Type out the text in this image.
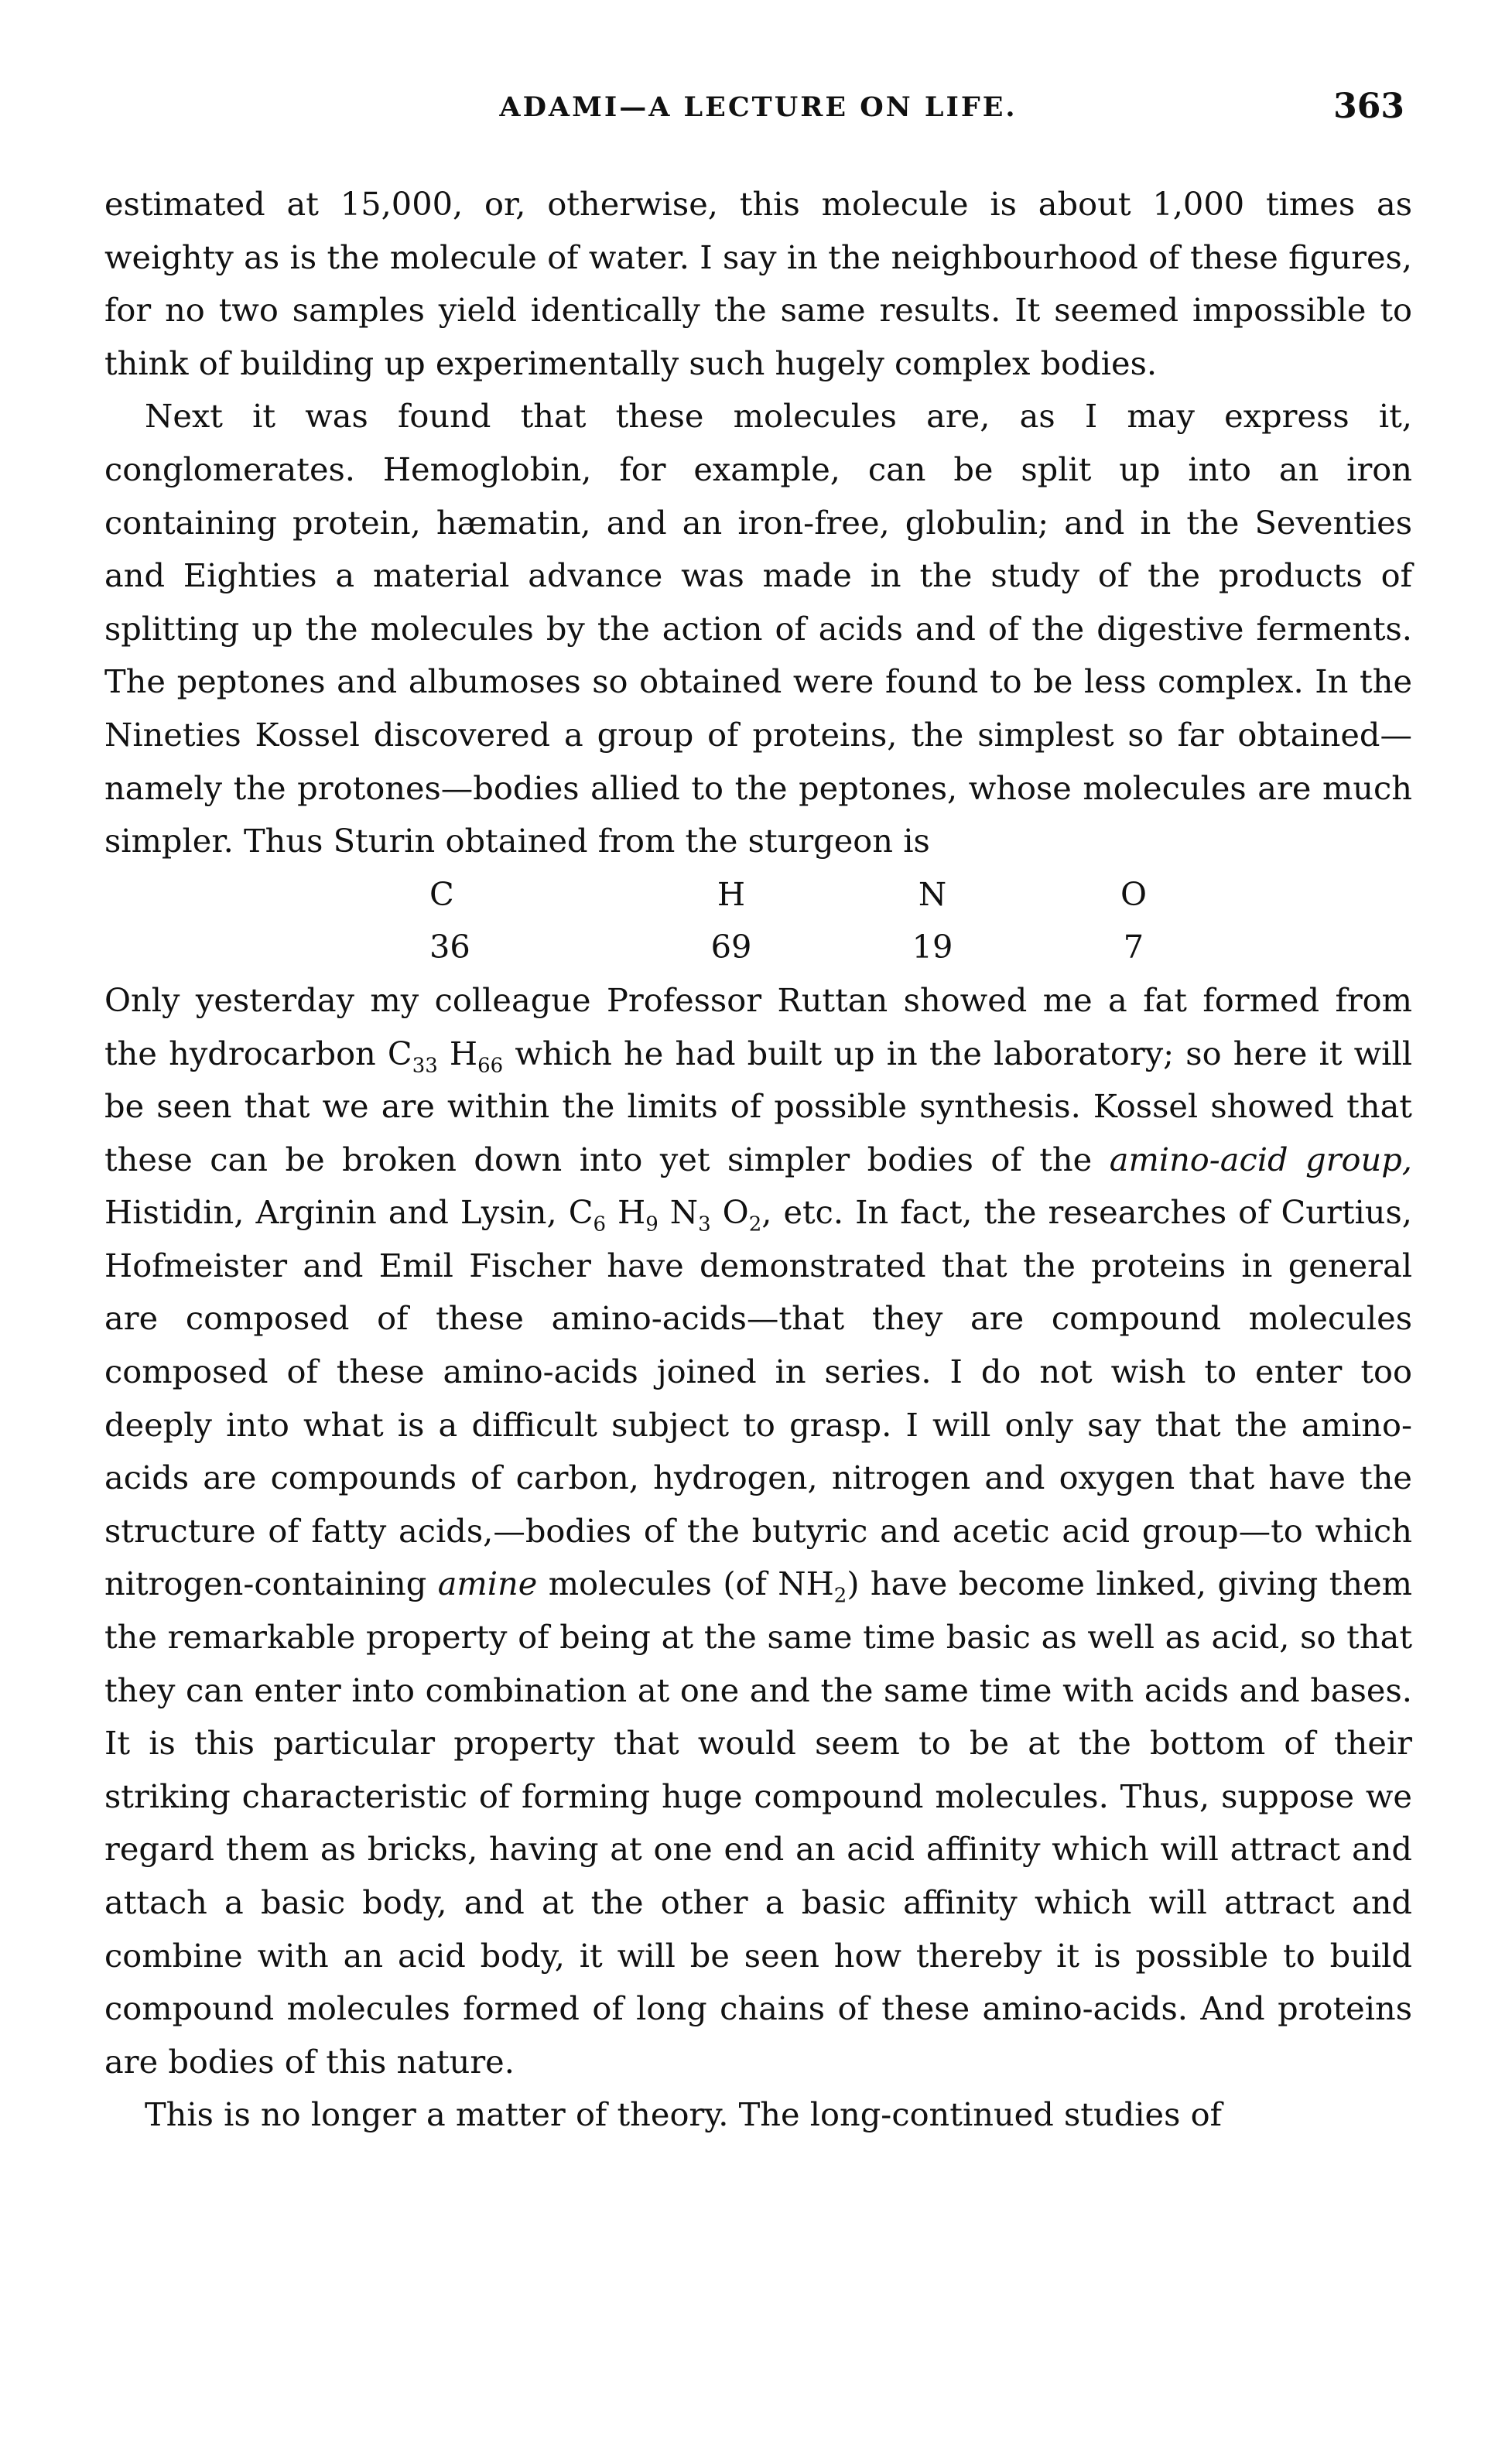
ADAMI—A LECTURE ON LIFE.	363

estimated at 15,000, or, otherwise, this molecule is about 1,000 times as weighty as is the molecule of water. I say in the neighbourhood of these figures, for no two samples yield identically the same results. It seemed impossible to think of building up experimentally such hugely complex bodies.

Next it was found that these molecules are, as I may express it, conglomerates. Hemoglobin, for example, can be split up into an iron containing protein, hæmatin, and an iron-free, globulin; and in the Seventies and Eighties a material advance was made in the study of the products of splitting up the molecules by the action of acids and of the digestive ferments. The peptones and albumoses so obtained were found to be less complex. In the Nineties Kossel discovered a group of proteins, the simplest so far obtained—namely the protones—bodies allied to the peptones, whose molecules are much simpler. Thus Sturin obtained from the sturgeon is

C	H	N	O
36	69	19	7

Only yesterday my colleague Professor Ruttan showed me a fat formed from the hydrocarbon $C_{33}$ $H_{66}$ which he had built up in the laboratory; so here it will be seen that we are within the limits of possible synthesis. Kossel showed that these can be broken down into yet simpler bodies of the amino-acid group, Histidin, Arginin and Lysin, $C_6$ $H_9$ $N_3$ $O_2$, etc. In fact, the researches of Curtius, Hofmeister and Emil Fischer have demonstrated that the proteins in general are composed of these amino-acids—that they are compound molecules composed of these amino-acids joined in series. I do not wish to enter too deeply into what is a difficult subject to grasp. I will only say that the amino-acids are compounds of carbon, hydrogen, nitrogen and oxygen that have the structure of fatty acids,—bodies of the butyric and acetic acid group—to which nitrogen-containing amine molecules (of $NH_2$) have become linked, giving them the remarkable property of being at the same time basic as well as acid, so that they can enter into combination at one and the same time with acids and bases. It is this particular property that would seem to be at the bottom of their striking characteristic of forming huge compound molecules. Thus, suppose we regard them as bricks, having at one end an acid affinity which will attract and attach a basic body, and at the other a basic affinity which will attract and combine with an acid body, it will be seen how thereby it is possible to build compound molecules formed of long chains of these amino-acids. And proteins are bodies of this nature.

This is no longer a matter of theory. The long-continued studies of
